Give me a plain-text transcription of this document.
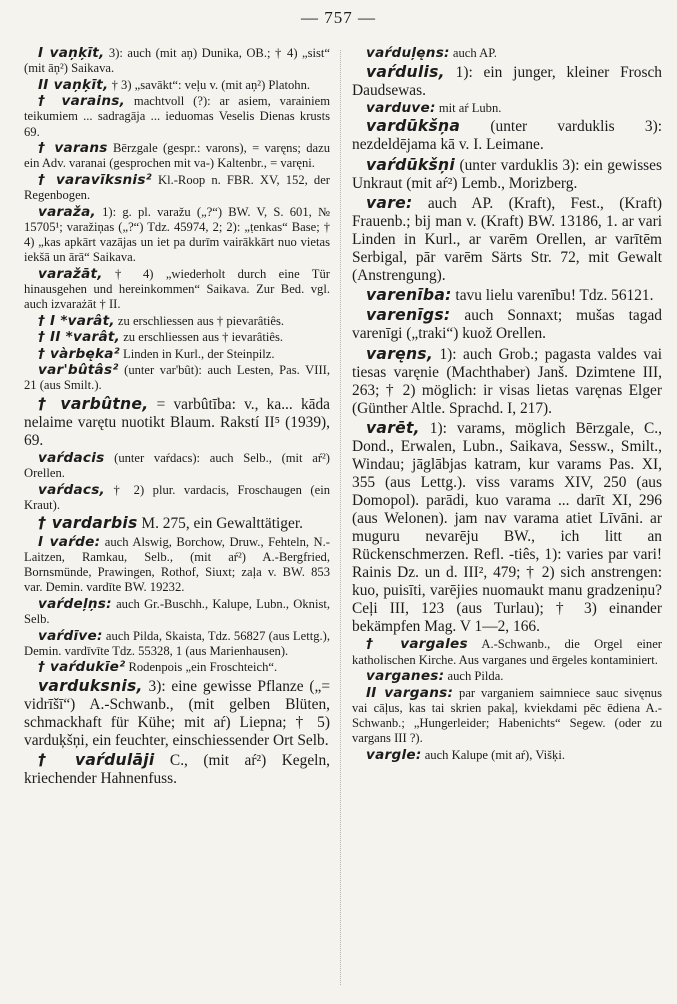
— 757 —

I vaņķīt, 3): auch (mit aņ) Dunika, OB.; † 4) „sist“ (mit āņ²) Saikava.

II vaņķīt, † 3) „savākt“: veļu v. (mit aņ²) Platohn.

† varains, machtvoll (?): ar asiem, varainiem teikumiem ... sadragāja ... ieduomas Veselis Dienas krusts 69.

† varans Bērzgale (gespr.: varons), = varęns; dazu ein Adv. varanai (gesprochen mit va-) Kaltenbr., = varęni.

† varavīksnis² Kl.-Roop n. FBR. XV, 152, der Regenbogen.

varaža, 1): g. pl. varažu („?“) BW. V, S. 601, № 15705¹; varažiņas („?“) Tdz. 45974, 2; 2): „ṭenkas“ Base; † 4) „kas apkārt vazājas un iet pa durīm vairākkārt nuo vietas iekšā un ārā“ Saikava.

varažāt, † 4) „wiederholt durch eine Tür hinausgehen und hereinkommen“ Saikava. Zur Bed. vgl. auch izvarażāt † II.

† I *varât, zu erschliessen aus † pievarâtiês.

† II *varât, zu erschliessen aus † ievarâtiês.

† vàrbęka² Linden in Kurl., der Steinpilz.

var'bûtâs² (unter var'bût): auch Lesten, Pas. VIII, 21 (aus Smilt.).

† varbûtne, = varbûtība: v., ka... kāda nelaime varętu nuotikt Blaum. Rakstí II⁵ (1939), 69.

vaŕdacis (unter vaŕdacs): auch Selb., (mit aŕ²) Orellen.

vaŕdacs, † 2) plur. vardacis, Froschaugen (ein Kraut).

† vardarbis M. 275, ein Gewalttätiger.

I vaŕde: auch Alswig, Borchow, Druw., Fehteln, N.-Laitzen, Ramkau, Selb., (mit aŕ²) A.-Bergfried, Bornsmünde, Prawingen, Rothof, Siuxt; zaļa v. BW. 853 var. Demin. vardīte BW. 19232.

vaŕdeļņs: auch Gr.-Buschh., Kalupe, Lubn., Oknist, Selb.

vaŕdīve: auch Pilda, Skaista, Tdz. 56827 (aus Lettg.), Demin. vardīvīte Tdz. 55328, 1 (aus Marienhausen).

† vaŕdukīe² Rodenpois „ein Froschteich“.

varduksnis, 3): eine gewisse Pflanze („= vidrīšī“) A.-Schwanb., (mit gelben Blüten, schmackhaft für Kühe; mit aŕ) Liepna; † 5) varduķšņi, ein feuchter, einschiessender Ort Selb.

† vaŕdulāji C., (mit aŕ²) Kegeln, kriechender Hahnenfuss.

vaŕduļęns: auch AP.

vaŕdulis, 1): ein junger, kleiner Frosch Daudsewas.

varduve: mit aŕ Lubn.

vardūkšņa (unter varduklis 3): nezdeldējama kā v. I. Leimane.

vaŕdūkšņi (unter varduklis 3): ein gewisses Unkraut (mit aŕ²) Lemb., Morizberg.

vare: auch AP. (Kraft), Fest., (Kraft) Frauenb.; bij man v. (Kraft) BW. 13186, 1. ar vari Linden in Kurl., ar varēm Orellen, ar varītēm Serbigal, pār varēm Särts Str. 72, mit Gewalt (Anstrengung).

varenība: tavu lielu varenību! Tdz. 56121.

varenīgs: auch Sonnaxt; mušas tagad varenīgi („traki“) kuož Orellen.

varęns, 1): auch Grob.; pagasta valdes vai tiesas varęnie (Machthaber) Janš. Dzimtene III, 263; † 2) möglich: ir visas lietas varęnas Elger (Günther Altle. Sprachd. I, 217).

varēt, 1): varams, möglich Bērzgale, C., Dond., Erwalen, Lubn., Saikava, Sessw., Smilt., Windau; jāglābjas katram, kur varams Pas. XI, 355 (aus Lettg.). viss varams XIV, 250 (aus Domopol). parādi, kuo varama ... darīt XI, 296 (aus Welonen). jam nav varama atiet Līvāni. ar muguru nevarēju BW., ich litt an Rückenschmerzen. Refl. -tiês, 1): varies par vari! Rainis Dz. un d. III², 479; † 2) sich anstrengen: kuo, puisīti, varējies nuomaukt manu gradzeniņu? Ceļi III, 123 (aus Turlau); † 3) einander bekämpfen Mag. V 1—2, 166.

† vargales A.-Schwanb., die Orgel einer katholischen Kirche. Aus varganes und ērgeles kontaminiert.

varganes: auch Pilda.

II vargans: par varganiem saimniece sauc sivęnus vai cāļus, kas tai skrien pakaļ, kviekdami pēc ēdiena A.-Schwanb.; „Hungerleider; Habenichts“ Segew. (oder zu vargans III ?).

vargle: auch Kalupe (mit aŕ), Višķi.
